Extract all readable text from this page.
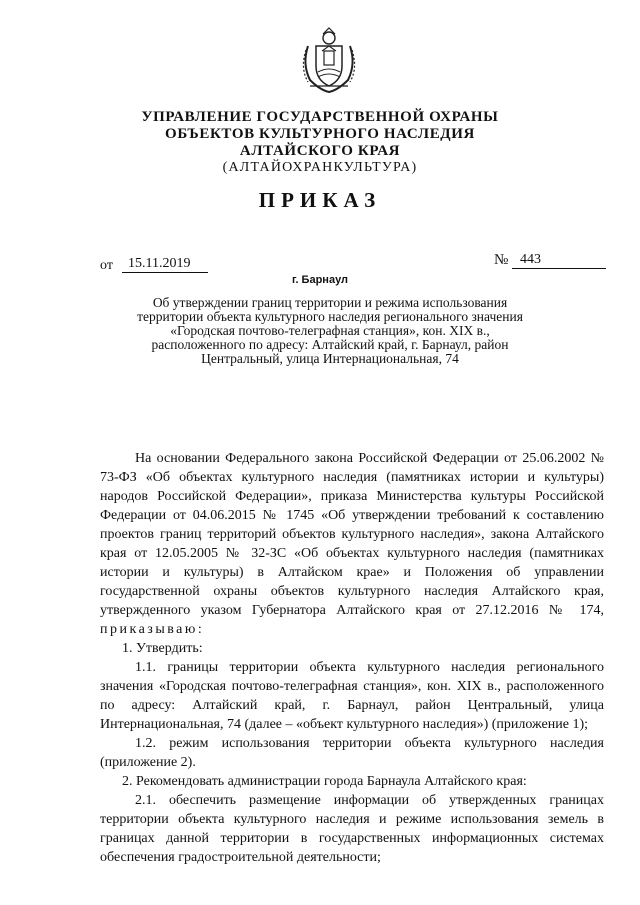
УПРАВЛЕНИЕ ГОСУДАРСТВЕННОЙ ОХРАНЫ
ОБЪЕКТОВ КУЛЬТУРНОГО НАСЛЕДИЯ
АЛТАЙСКОГО КРАЯ
(АЛТАЙОХРАНКУЛЬТУРА)
ПРИКАЗ
от	15.11.2019	№ 443
г. Барнаул
Об утверждении границ территории и режима использования территории объекта культурного наследия регионального значения «Городская почтово-телеграфная станция», кон. XIX в., расположенного по адресу: Алтайский край, г. Барнаул, район Центральный, улица Интернациональная, 74

На основании Федерального закона Российской Федерации от 25.06.2002 № 73-ФЗ «Об объектах культурного наследия (памятниках истории и культуры) народов Российской Федерации», приказа Министерства культуры Российской Федерации от 04.06.2015 № 1745 «Об утверждении требований к составлению проектов границ территорий объектов культурного наследия», закона Алтайского края от 12.05.2005 № 32-ЗС «Об объектах культурного наследия (памятниках истории и культуры) в Алтайском крае» и Положения об управлении государственной охраны объектов культурного наследия Алтайского края, утвержденного указом Губернатора Алтайского края от 27.12.2016 № 174, приказываю:

1. Утвердить:

1.1. границы территории объекта культурного наследия регионального значения «Городская почтово-телеграфная станция», кон. XIX в., расположенного по адресу: Алтайский край, г. Барнаул, район Центральный, улица Интернациональная, 74 (далее – «объект культурного наследия») (приложение 1);

1.2. режим использования территории объекта культурного наследия (приложение 2).

2. Рекомендовать администрации города Барнаула Алтайского края:

2.1. обеспечить размещение информации об утвержденных границах территории объекта культурного наследия и режиме использования земель в границах данной территории в государственных информационных системах обеспечения градостроительной деятельности;
